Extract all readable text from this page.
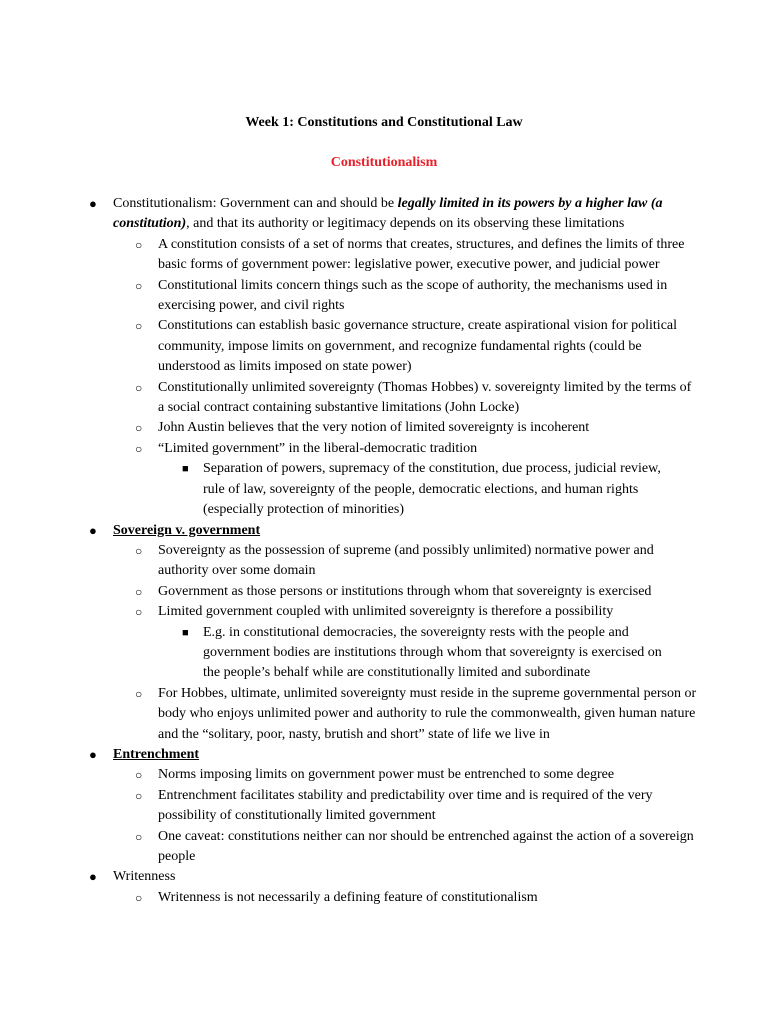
Week 1: Constitutions and Constitutional Law
Constitutionalism
● Constitutionalism: Government can and should be legally limited in its powers by a higher law (a constitution), and that its authority or legitimacy depends on its observing these limitations
○ A constitution consists of a set of norms that creates, structures, and defines the limits of three basic forms of government power: legislative power, executive power, and judicial power
○ Constitutional limits concern things such as the scope of authority, the mechanisms used in exercising power, and civil rights
○ Constitutions can establish basic governance structure, create aspirational vision for political community, impose limits on government, and recognize fundamental rights (could be understood as limits imposed on state power)
○ Constitutionally unlimited sovereignty (Thomas Hobbes) v. sovereignty limited by the terms of a social contract containing substantive limitations (John Locke)
○ John Austin believes that the very notion of limited sovereignty is incoherent
○ “Limited government” in the liberal-democratic tradition
■ Separation of powers, supremacy of the constitution, due process, judicial review, rule of law, sovereignty of the people, democratic elections, and human rights (especially protection of minorities)
● Sovereign v. government
○ Sovereignty as the possession of supreme (and possibly unlimited) normative power and authority over some domain
○ Government as those persons or institutions through whom that sovereignty is exercised
○ Limited government coupled with unlimited sovereignty is therefore a possibility
■ E.g. in constitutional democracies, the sovereignty rests with the people and government bodies are institutions through whom that sovereignty is exercised on the people’s behalf while are constitutionally limited and subordinate
○ For Hobbes, ultimate, unlimited sovereignty must reside in the supreme governmental person or body who enjoys unlimited power and authority to rule the commonwealth, given human nature and the “solitary, poor, nasty, brutish and short” state of life we live in
● Entrenchment
○ Norms imposing limits on government power must be entrenched to some degree
○ Entrenchment facilitates stability and predictability over time and is required of the very possibility of constitutionally limited government
○ One caveat: constitutions neither can nor should be entrenched against the action of a sovereign people
● Writenness
○ Writenness is not necessarily a defining feature of constitutionalism
